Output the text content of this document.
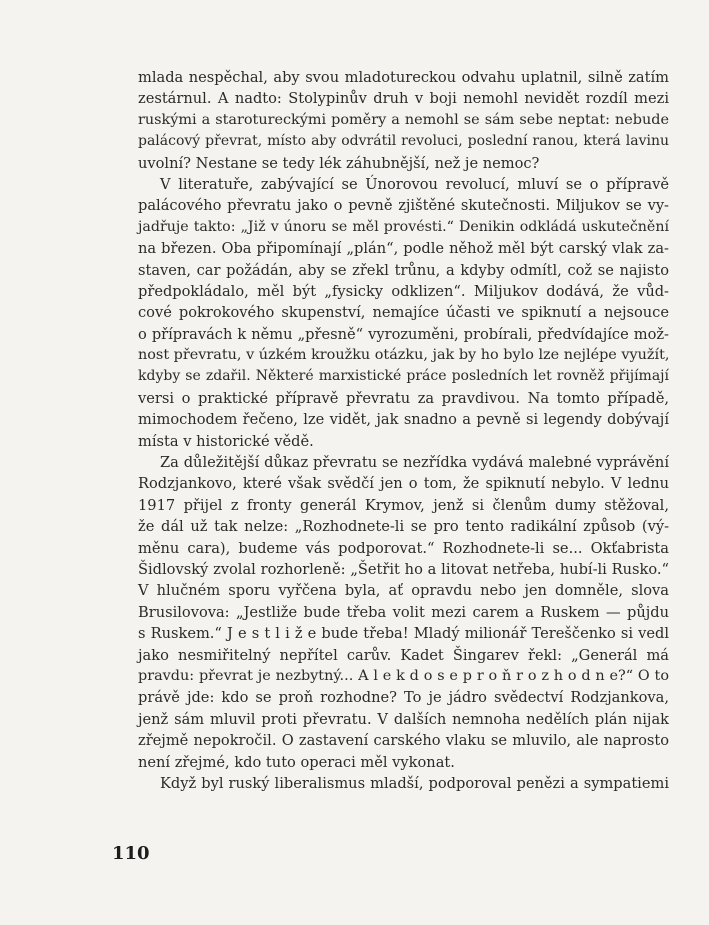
mlada nespěchal, aby svou mladotureckou odvahu uplatnil, silně zatím
zestárnul. A nadto: Stolypinův druh v boji nemohl nevidět rozdíl mezi
ruskými a starotureckými poměry a nemohl se sám sebe neptat: nebude
palácový převrat, místo aby odvrátil revoluci, poslední ranou, která lavinu
uvolní? Nestane se tedy lék záhubnější, než je nemoc?
V literatuře, zabývající se Únorovou revolucí, mluví se o přípravě
palácového převratu jako o pevně zjištěné skutečnosti. Miljukov se vy-
jadřuje takto: „Již v únoru se měl provésti.“ Denikin odkládá uskutečnění
na březen. Oba připomínají „plán“, podle něhož měl být carský vlak za-
staven, car požádán, aby se zřekl trůnu, a kdyby odmítl, což se najisto
předpokládalo, měl být „fysicky odklizen“. Miljukov dodává, že vůd-
cové pokrokového skupenství, nemajíce účasti ve spiknutí a nejsouce
o přípravách k němu „přesně“ vyrozuměni, probírali, předvídajíce mož-
nost převratu, v úzkém kroužku otázku, jak by ho bylo lze nejlépe využít,
kdyby se zdařil. Některé marxistické práce posledních let rovněž přijímají
versi o praktické přípravě převratu za pravdivou. Na tomto případě,
mimochodem řečeno, lze vidět, jak snadno a pevně si legendy dobývají
místa v historické vědě.
Za důležitější důkaz převratu se nezřídka vydává malebné vyprávění
Rodzjankovo, které však svědčí jen o tom, že spiknutí nebylo. V lednu
1917 přijel z fronty generál Krymov, jenž si členům dumy stěžoval,
že dál už tak nelze: „Rozhodnete-li se pro tento radikální způsob (vý-
měnu cara), budeme vás podporovat.“ Rozhodnete-li se... Okťabrista
Šidlovský zvolal rozhorleně: „Šetřit ho a litovat netřeba, hubí-li Rusko.“
V hlučném sporu vyřčena byla, ať opravdu nebo jen domněle, slova
Brusilovova: „Jestliže bude třeba volit mezi carem a Ruskem — půjdu
s Ruskem.“ J e s t l i ž e bude třeba! Mladý milionář Tereščenko si vedl
jako nesmiřitelný nepřítel carův. Kadet Šingarev řekl: „Generál má
pravdu: převrat je nezbytný... A l e k d o s e p r o ň r o z h o d n e?“ O to
právě jde: kdo se proň rozhodne? To je jádro svědectví Rodzjankova,
jenž sám mluvil proti převratu. V dalších nemnoha nedělích plán nijak
zřejmě nepokročil. O zastavení carského vlaku se mluvilo, ale naprosto
není zřejmé, kdo tuto operaci měl vykonat.
Když byl ruský liberalismus mladší, podporoval penězi a sympatiemi
110
